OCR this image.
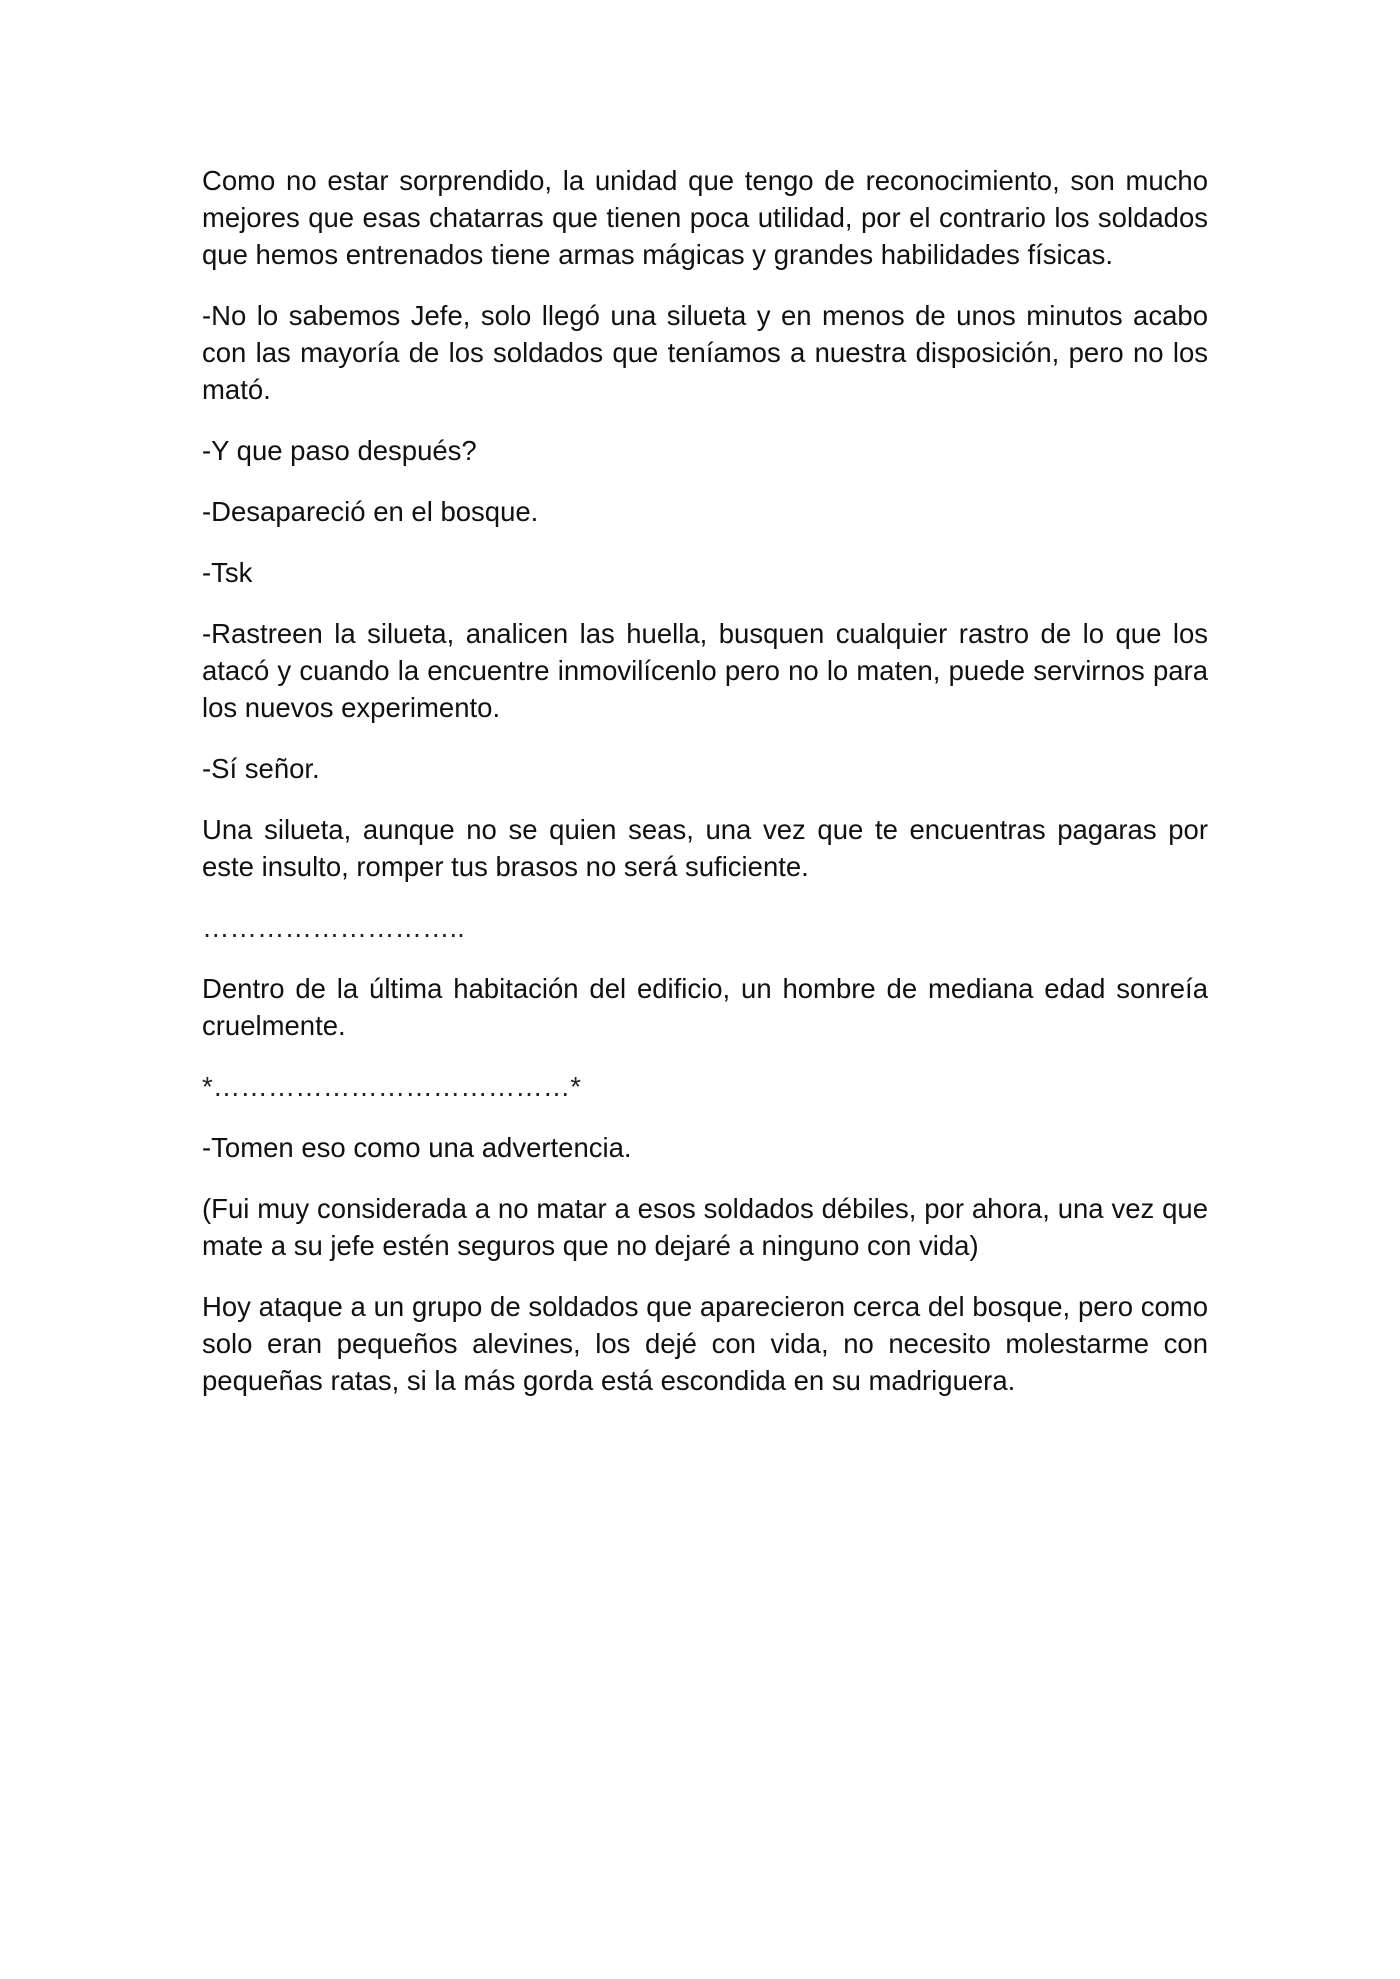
Como no estar sorprendido, la unidad que tengo de reconocimiento, son mucho mejores que esas chatarras que tienen poca utilidad, por el contrario los soldados que hemos entrenados tiene armas mágicas y grandes habilidades físicas.

-No lo sabemos Jefe, solo llegó una silueta y en menos de unos minutos acabo con las mayoría de los soldados que teníamos a nuestra disposición, pero no los mató.

-Y que paso después?

-Desapareció en el bosque.

-Tsk

-Rastreen la silueta, analicen las huella, busquen cualquier rastro de lo que los atacó y cuando la encuentre inmovilícenlo pero no lo maten, puede servirnos para los nuevos experimento.

-Sí señor.

Una silueta, aunque no se quien seas, una vez que te encuentras pagaras por este insulto, romper tus brasos no será suficiente.

………………………..

Dentro de la última habitación del edificio, un hombre de mediana edad sonreía cruelmente.

*…………………………………*

-Tomen eso como una advertencia.

(Fui muy considerada a no matar a esos soldados débiles, por ahora, una vez que mate a su jefe estén seguros que no dejaré a ninguno con vida)

Hoy ataque a un grupo de soldados que aparecieron cerca del bosque, pero como solo eran pequeños alevines, los dejé con vida, no necesito molestarme con pequeñas ratas, si la más gorda está escondida en su madriguera.
